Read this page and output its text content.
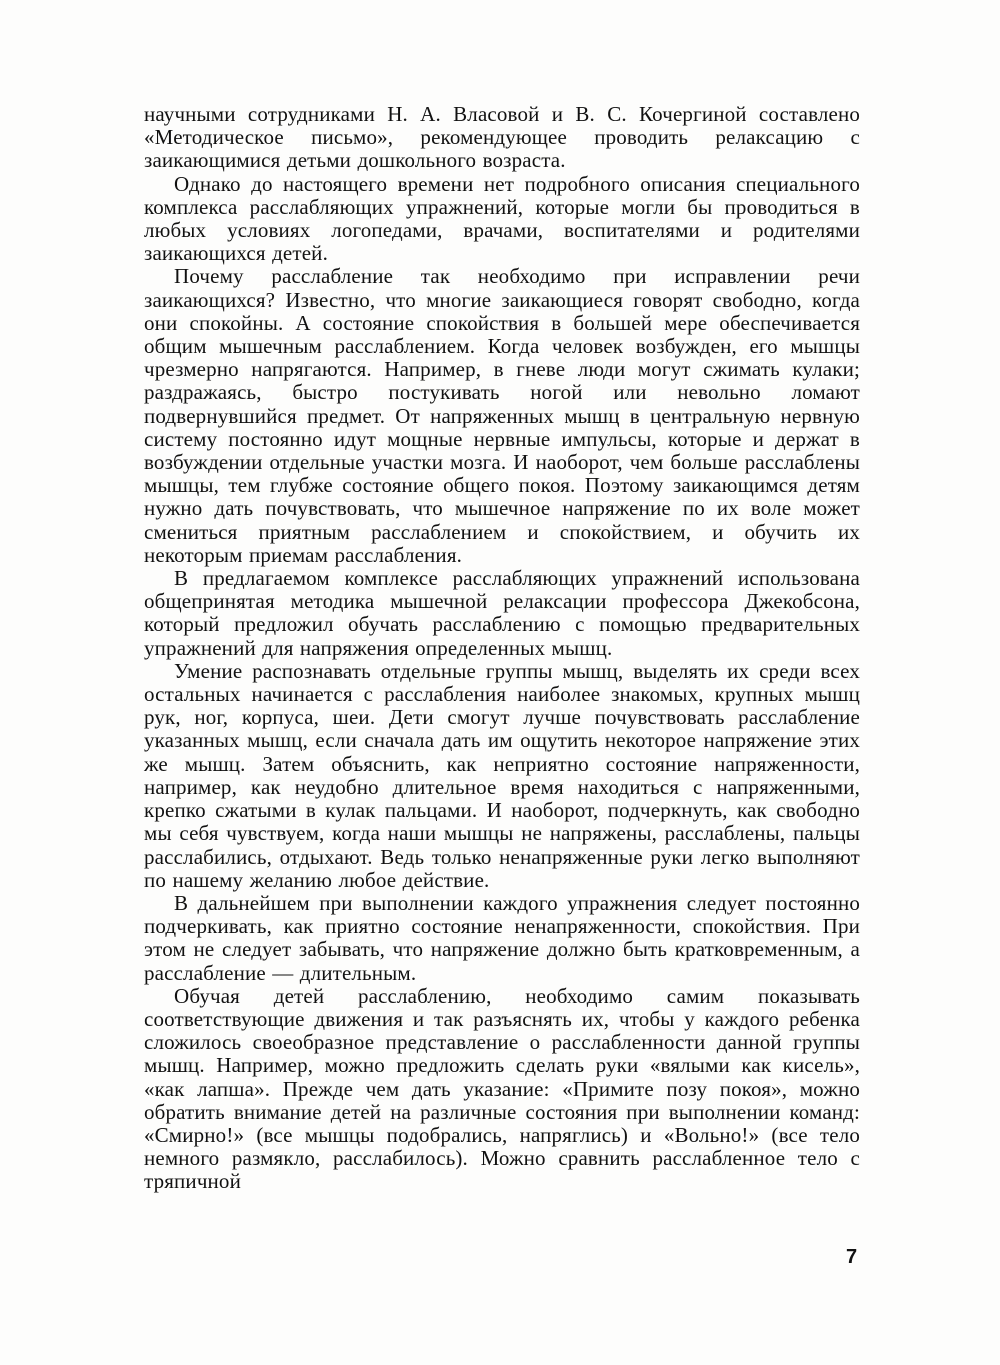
научными сотрудниками Н. А. Власовой и В. С. Кочергиной составлено «Методическое письмо», рекомендующее проводить релаксацию с заикающимися детьми дошкольного возраста.

Однако до настоящего времени нет подробного описания специального комплекса расслабляющих упражнений, которые могли бы проводиться в любых условиях логопедами, врачами, воспитателями и родителями заикающихся детей.

Почему расслабление так необходимо при исправлении речи заикающихся? Известно, что многие заикающиеся говорят свободно, когда они спокойны. А состояние спокойствия в большей мере обеспечивается общим мышечным расслаблением. Когда человек возбужден, его мышцы чрезмерно напрягаются. Например, в гневе люди могут сжимать кулаки; раздражаясь, быстро постукивать ногой или невольно ломают подвернувшийся предмет. От напряженных мышц в центральную нервную систему постоянно идут мощные нервные импульсы, которые и держат в возбуждении отдельные участки мозга. И наоборот, чем больше расслаблены мышцы, тем глубже состояние общего покоя. Поэтому заикающимся детям нужно дать почувствовать, что мышечное напряжение по их воле может смениться приятным расслаблением и спокойствием, и обучить их некоторым приемам расслабления.

В предлагаемом комплексе расслабляющих упражнений использована общепринятая методика мышечной релаксации профессора Джекобсона, который предложил обучать расслаблению с помощью предварительных упражнений для напряжения определенных мышц.

Умение распознавать отдельные группы мышц, выделять их среди всех остальных начинается с расслабления наиболее знакомых, крупных мышц рук, ног, корпуса, шеи. Дети смогут лучше почувствовать расслабление указанных мышц, если сначала дать им ощутить некоторое напряжение этих же мышц. Затем объяснить, как неприятно состояние напряженности, например, как неудобно длительное время находиться с напряженными, крепко сжатыми в кулак пальцами. И наоборот, подчеркнуть, как свободно мы себя чувствуем, когда наши мышцы не напряжены, расслаблены, пальцы расслабились, отдыхают. Ведь только ненапряженные руки легко выполняют по нашему желанию любое действие.

В дальнейшем при выполнении каждого упражнения следует постоянно подчеркивать, как приятно состояние ненапряженности, спокойствия. При этом не следует забывать, что напряжение должно быть кратковременным, а расслабление — длительным.

Обучая детей расслаблению, необходимо самим показывать соответствующие движения и так разъяснять их, чтобы у каждого ребенка сложилось своеобразное представление о расслабленности данной группы мышц. Например, можно предложить сделать руки «вялыми как кисель», «как лапша». Прежде чем дать указание: «Примите позу покоя», можно обратить внимание детей на различные состояния при выполнении команд: «Смирно!» (все мышцы подобрались, напряглись) и «Вольно!» (все тело немного размякло, расслабилось). Можно сравнить расслабленное тело с тряпичной

7
